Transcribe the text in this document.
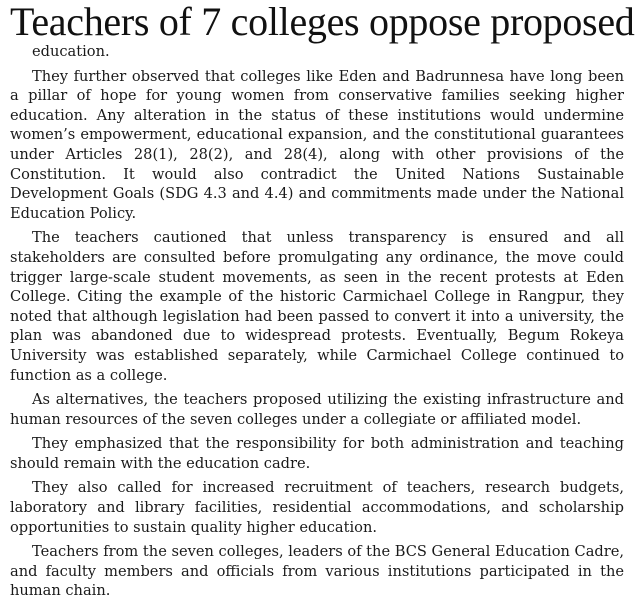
Teachers of 7 colleges oppose proposed

education.

They further observed that colleges like Eden and Badrunnesa have long been a pillar of hope for young women from conservative families seeking higher education. Any alteration in the status of these institutions would undermine women’s empowerment, educational expansion, and the constitutional guarantees under Articles 28(1), 28(2), and 28(4), along with other provisions of the Constitution. It would also contradict the United Nations Sustainable Development Goals (SDG 4.3 and 4.4) and commitments made under the National Education Policy.

The teachers cautioned that unless transparency is ensured and all stakeholders are consulted before promulgating any ordinance, the move could trigger large-scale student movements, as seen in the recent protests at Eden College. Citing the example of the historic Carmichael College in Rangpur, they noted that although legislation had been passed to convert it into a university, the plan was abandoned due to widespread protests. Eventually, Begum Rokeya University was established separately, while Carmichael College continued to function as a college.

As alternatives, the teachers proposed utilizing the existing infrastructure and human resources of the seven colleges under a collegiate or affiliated model.

They emphasized that the responsibility for both administration and teaching should remain with the education cadre.

They also called for increased recruitment of teachers, research budgets, laboratory and library facilities, residential accommodations, and scholarship opportunities to sustain quality higher education.

Teachers from the seven colleges, leaders of the BCS General Education Cadre, and faculty members and officials from various institutions participated in the human chain.
